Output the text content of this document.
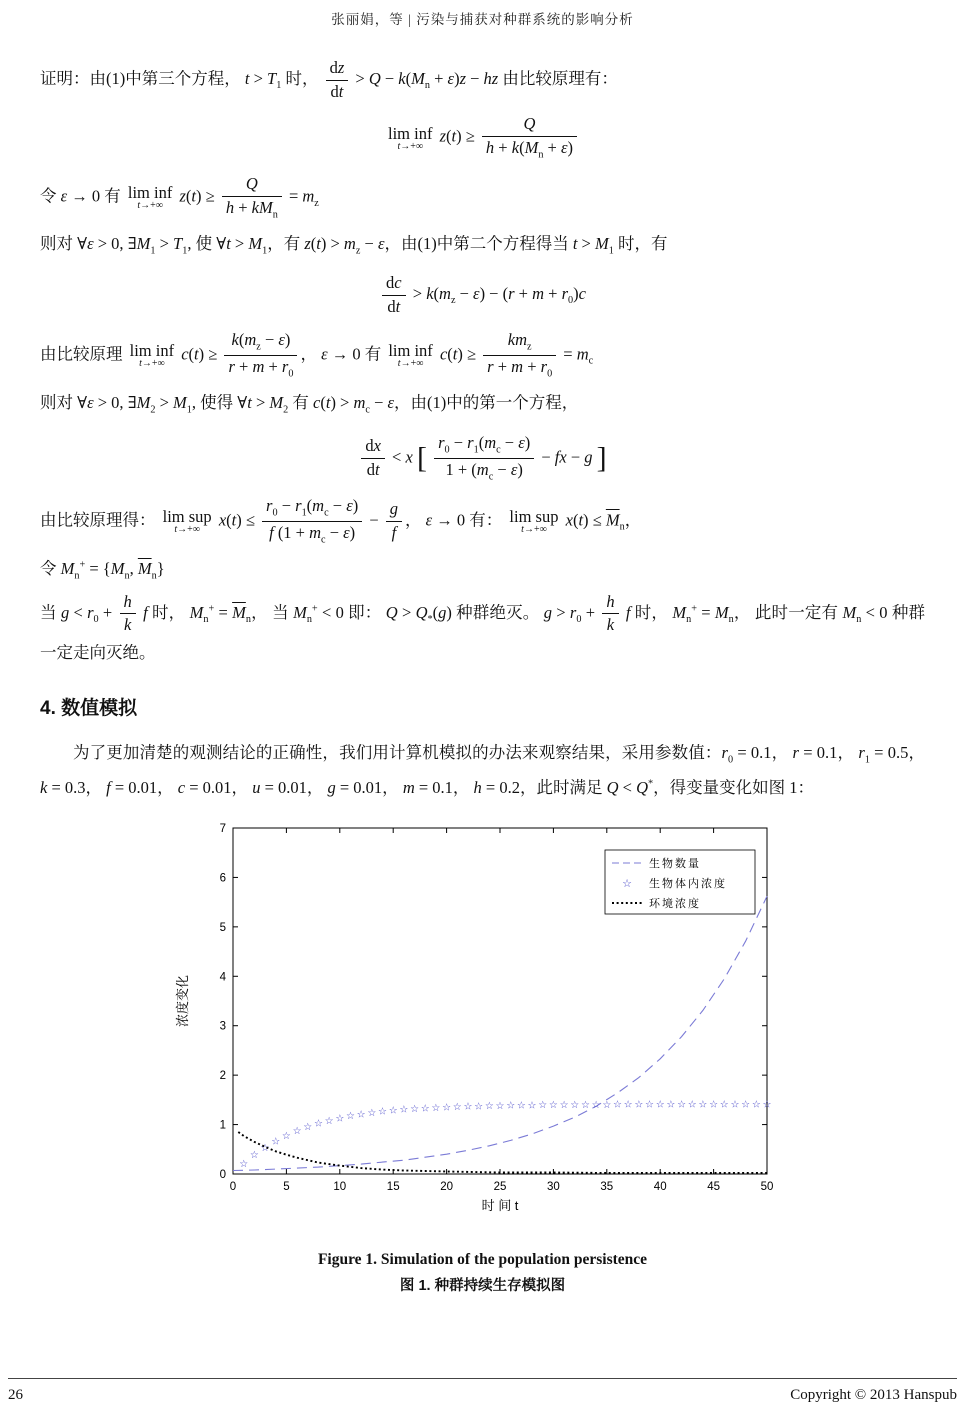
张丽娟，等 | 污染与捕获对种群系统的影响分析
证明：由(1)中第三个方程， $t > T_1$ 时， $\frac{dz}{dt} > Q - k(M_n + \varepsilon)z$ − hz 由比较原理有：
lim inf
t→+∞
$z(t) \ge \frac{Q}{h + k(M_n + \varepsilon)}$
令 ε → 0 有 lim inf
t→+∞
$z(t) \ge \frac{Q}{h + kM_n} = m_z$
则对 ∀ε > 0, $\exists M_1 > T_1$, 使 ∀t > $M_1$，有 $z(t) > m_z - \varepsilon$，由(1)中第二个方程得当 $t > M_1$ 时，有
$\frac{dc}{dt} > k(m_z - \varepsilon) - (r + m + r_0)c$
由比较原理 lim inf
t→+∞
$c(t) \ge \frac{k(m_z - \varepsilon)}{r + m + r_0}$ ， ε → 0 有 lim inf
t→+∞
$c(t) \ge \frac{km_z}{r + m + r_0} = m_c$
则对 ∀ε > 0, $\exists M_2 > M_1$, 使得 ∀t > $M_2$ 有 $c(t) > m_c - \varepsilon$，由(1)中的第一个方程，
$\frac{dx}{dt} < x$ [ $\frac{r_0 - r_1(m_c - \varepsilon)}{1 + (m_c - \varepsilon)}$ − fx − g ]
由比较原理得： lim sup
t→+∞
$x(t) \le \frac{r_0 - r_1(m_c - \varepsilon)}{f (1 + m_c - \varepsilon)} - \frac{g}{f}$ ， ε → 0 有： lim sup
t→+∞
$x(t) \le \overline{M}_n$，
令 $M_n^+ = \{M_n$, $\overline{M}_n$}
当 $g < r_0 + \frac{h}{k}$ f 时， $M_n^+ = \overline{M}_n$， 当 $M_n^+ < 0$ 即： $Q > Q_*(g)$ 种群绝灭。 $g > r_0 + \frac{h}{k}$ f 时， $M_n^+ = M_n$， 此时一定有 $M_n < 0$ 种群一定走向灭绝。
4. 数值模拟
为了更加清楚的观测结论的正确性，我们用计算机模拟的办法来观察结果，采用参数值：$r_0 = 0.1$， r = 0.1， $r_1 = 0.5$， k = 0.3， f = 0.01， c = 0.01， u = 0.01， g = 0.01， m = 0.1， h = 0.2，此时满足 Q < Q*，得变量变化如图 1：
0	5	10	15	20	25	30	35	40	45	50
0
1
2
3
4
5
6
7
☆
☆
☆
☆ ☆ ☆ ☆ ☆ ☆ ☆ ☆ ☆ ☆ ☆ ☆ ☆ ☆ ☆ ☆ ☆ ☆ ☆ ☆ ☆ ☆ ☆ ☆ ☆ ☆ ☆ ☆ ☆ ☆ ☆ ☆ ☆ ☆ ☆ ☆ ☆ ☆ ☆ ☆ ☆ ☆ ☆ ☆ ☆ ☆ ☆
时 间 t
浓度变化
生物数量
☆ 生物体内浓度
环境浓度
Figure 1. Simulation of the population persistence
图 1. 种群持续生存模拟图
26	Copyright © 2013 Hanspub
